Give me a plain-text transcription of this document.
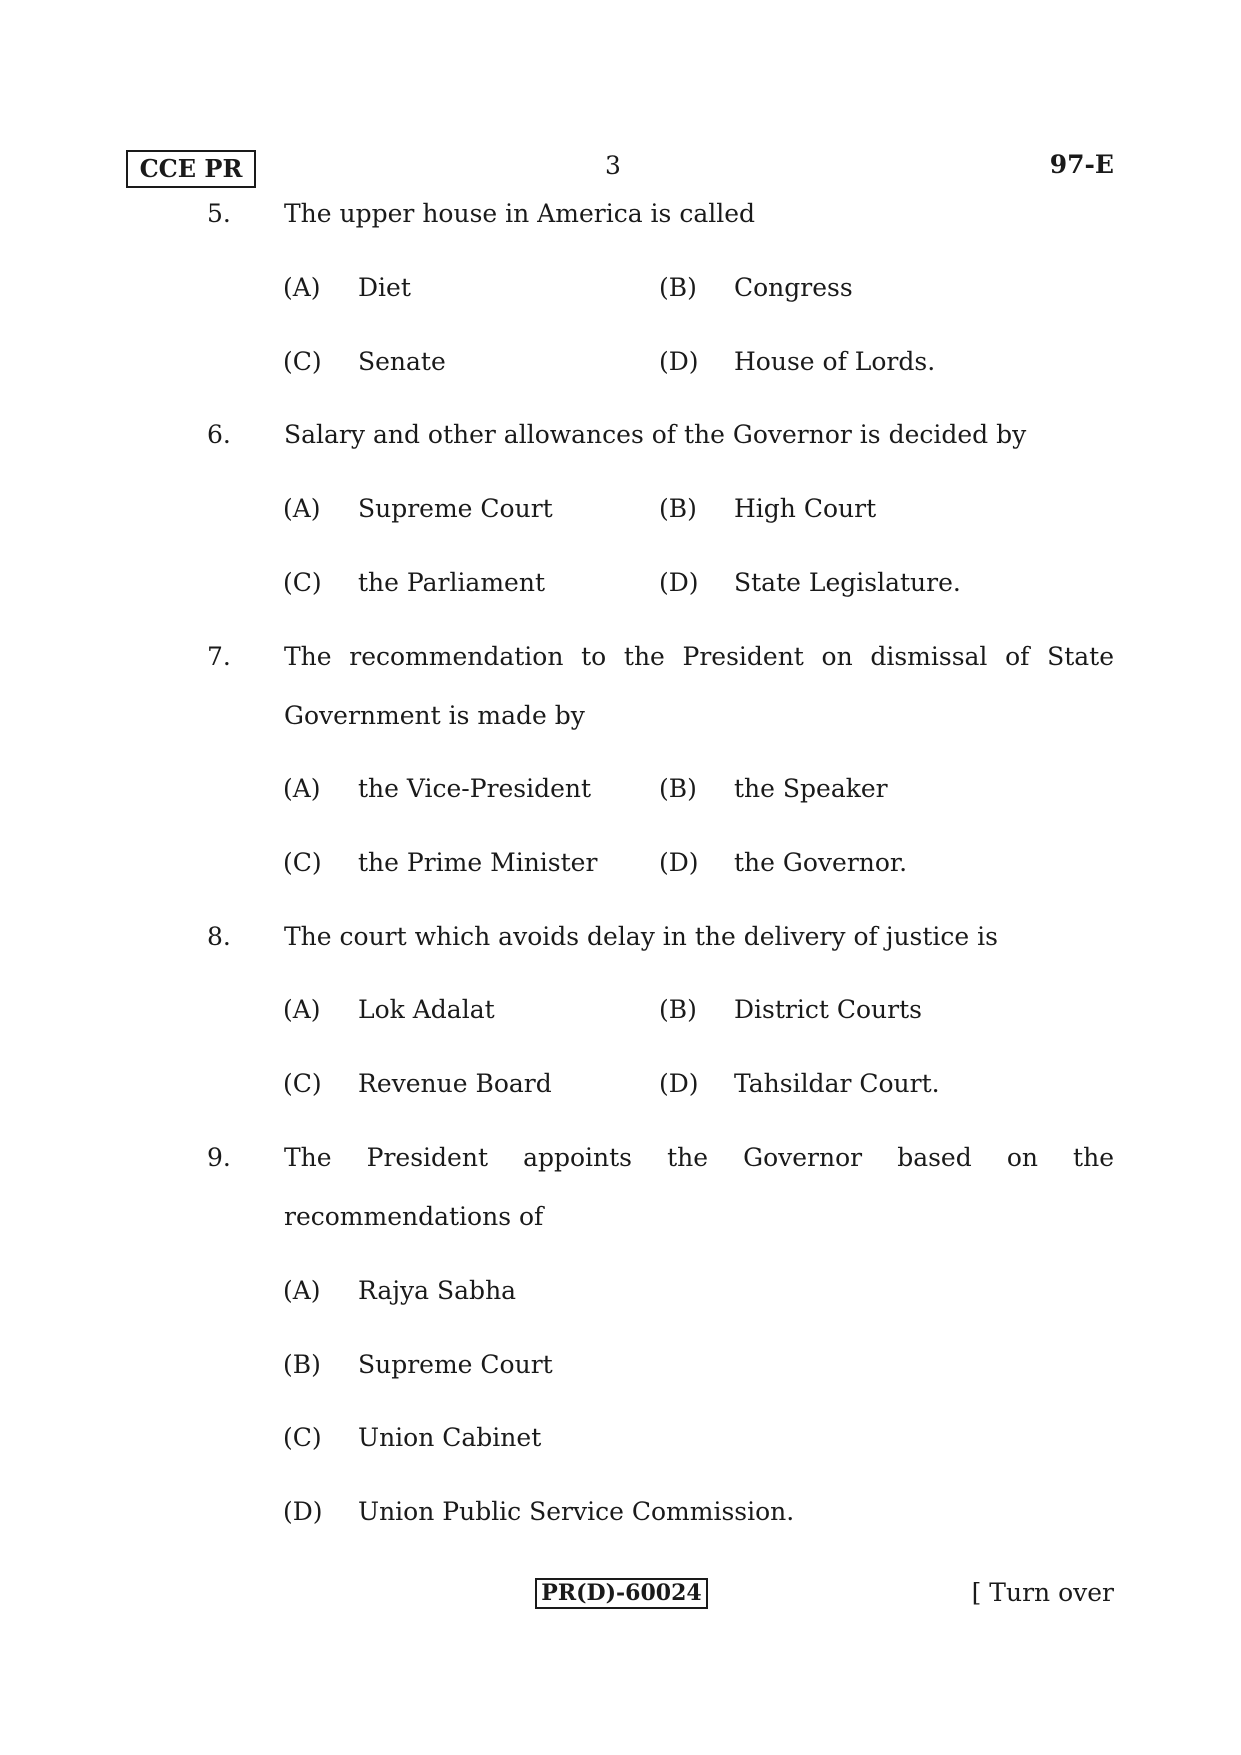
CCE PR	3	97-E
5. The upper house in America is called
(A) Diet	(B) Congress
(C) Senate	(D) House of Lords.
6. Salary and other allowances of the Governor is decided by
(A) Supreme Court	(B) High Court
(C) the Parliament	(D) State Legislature.
7. The recommendation to the President on dismissal of State
Government is made by
(A) the Vice-President	(B) the Speaker
(C) the Prime Minister (D) the Governor.
8. The court which avoids delay in the delivery of justice is
(A) Lok Adalat	(B) District Courts
(C) Revenue Board	(D) Tahsildar Court.
9. The President appoints the Governor based on the
recommendations of
(A) Rajya Sabha
(B) Supreme Court
(C) Union Cabinet
(D) Union Public Service Commission.
PR(D)-60024	[ Turn over
